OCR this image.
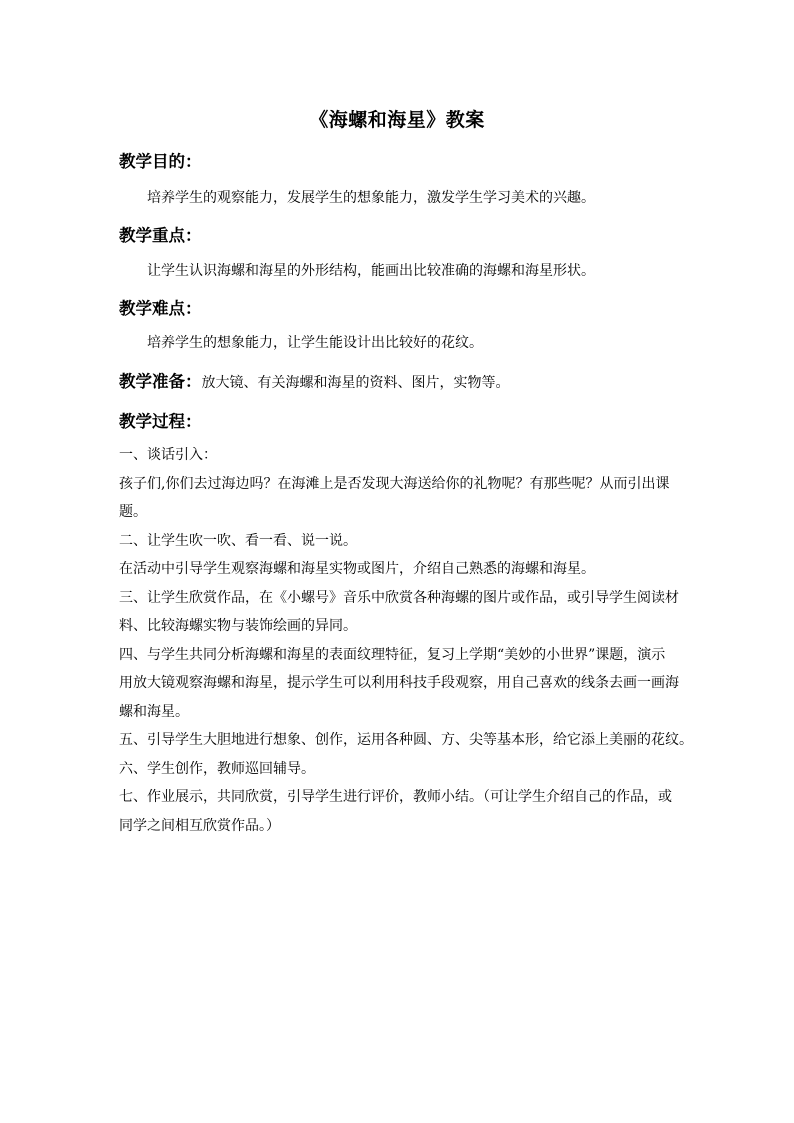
《海螺和海星》教案
教学目的：
培养学生的观察能力，发展学生的想象能力，激发学生学习美术的兴趣。
教学重点：
让学生认识海螺和海星的外形结构，能画出比较准确的海螺和海星形状。
教学难点：
培养学生的想象能力，让学生能设计出比较好的花纹。
教学准备：放大镜、有关海螺和海星的资料、图片，实物等。
教学过程：
一、谈话引入：
孩子们,你们去过海边吗？在海滩上是否发现大海送给你的礼物呢？有那些呢？从而引出课
题。
二、让学生吹一吹、看一看、说一说。
在活动中引导学生观察海螺和海星实物或图片，介绍自己熟悉的海螺和海星。
三、让学生欣赏作品，在《小螺号》音乐中欣赏各种海螺的图片或作品，或引导学生阅读材
料、比较海螺实物与装饰绘画的异同。
四、与学生共同分析海螺和海星的表面纹理特征，复习上学期“美妙的小世界”课题，演示
用放大镜观察海螺和海星，提示学生可以利用科技手段观察，用自己喜欢的线条去画一画海
螺和海星。
五、引导学生大胆地进行想象、创作，运用各种圆、方、尖等基本形，给它添上美丽的花纹。
六、学生创作，教师巡回辅导。
七、作业展示，共同欣赏，引导学生进行评价，教师小结。（可让学生介绍自己的作品，或
同学之间相互欣赏作品。）
